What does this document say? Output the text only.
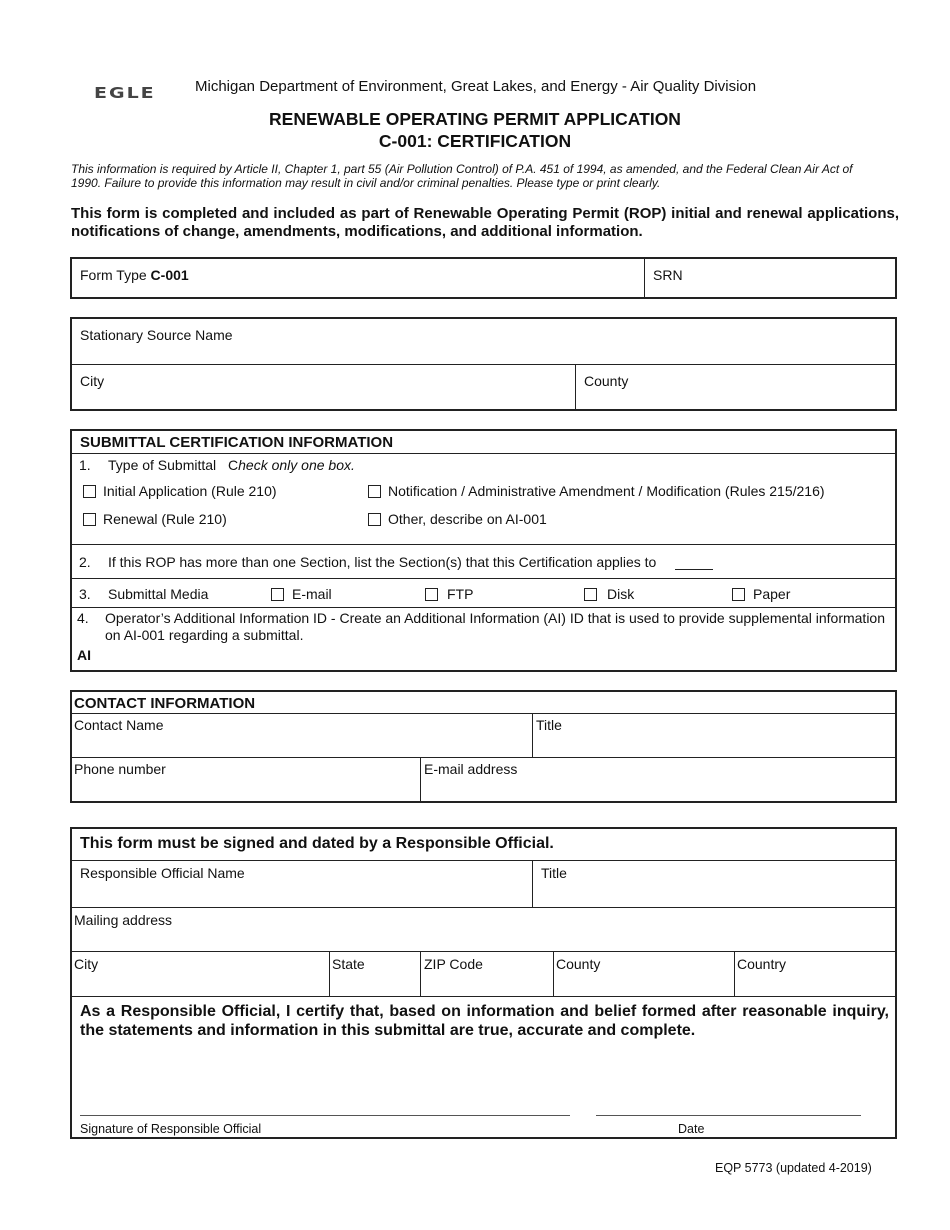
EGLE	Michigan Department of Environment, Great Lakes, and Energy - Air Quality Division
RENEWABLE OPERATING PERMIT APPLICATION
C-001: CERTIFICATION
This information is required by Article II, Chapter 1, part 55 (Air Pollution Control) of P.A. 451 of 1994, as amended, and the Federal Clean Air Act of 1990. Failure to provide this information may result in civil and/or criminal penalties. Please type or print clearly.
This form is completed and included as part of Renewable Operating Permit (ROP) initial and renewal applications, notifications of change, amendments, modifications, and additional information.
Form Type C-001	SRN
Stationary Source Name
City	County
SUBMITTAL CERTIFICATION INFORMATION
1. Type of Submittal Check only one box.
Initial Application (Rule 210)	Notification / Administrative Amendment / Modification (Rules 215/216)
Renewal (Rule 210)	Other, describe on AI-001
2. If this ROP has more than one Section, list the Section(s) that this Certification applies to
3. Submittal Media	E-mail	FTP	Disk	Paper
4. Operator’s Additional Information ID - Create an Additional Information (AI) ID that is used to provide supplemental information on AI-001 regarding a submittal.
AI
CONTACT INFORMATION
Contact Name	Title
Phone number	E-mail address
This form must be signed and dated by a Responsible Official.
Responsible Official Name	Title
Mailing address
City	State	ZIP Code	County	Country
As a Responsible Official, I certify that, based on information and belief formed after reasonable inquiry, the statements and information in this submittal are true, accurate and complete.
Signature of Responsible Official	Date
EQP 5773 (updated 4-2019)
